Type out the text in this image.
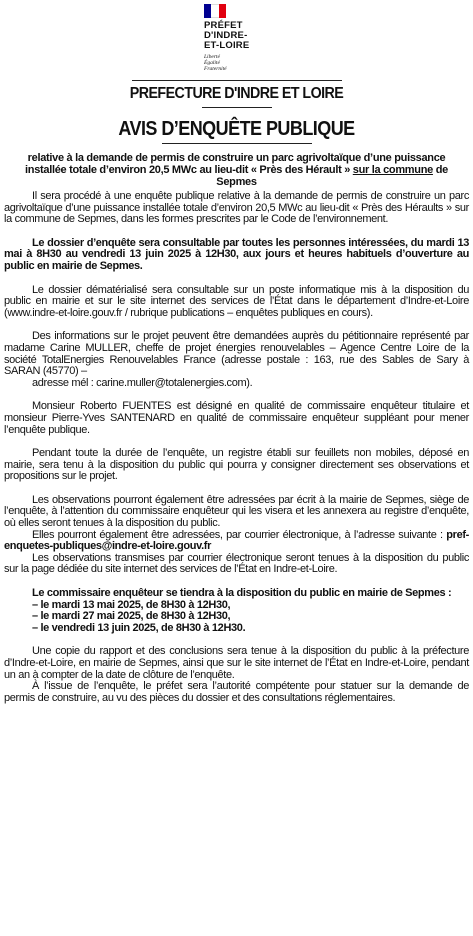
PRÉFET
D'INDRE-
ET-LOIRE
Liberté
Égalité
Fraternité
PREFECTURE D'INDRE ET LOIRE
AVIS D’ENQUÊTE PUBLIQUE
relative à la demande de permis de construire un parc agrivoltaïque d’une puissance installée totale d’environ 20,5 MWc au lieu-dit « Près des Hérault » sur la commune de Sepmes

Il sera procédé à une enquête publique relative à la demande de permis de construire un parc agrivoltaïque d’une puissance installée totale d’environ 20,5 MWc au lieu-dit « Près des Héraults » sur la commune de Sepmes, dans les formes prescrites par le Code de l’environnement.

Le dossier d’enquête sera consultable par toutes les personnes intéressées, du mardi 13 mai à 8H30 au vendredi 13 juin 2025 à 12H30, aux jours et heures habituels d’ouverture au public en mairie de Sepmes.

Le dossier dématérialisé sera consultable sur un poste informatique mis à la disposition du public en mairie et sur le site internet des services de l’État dans le département d’Indre-et-Loire (www.indre-et-loire.gouv.fr / rubrique publications – enquêtes publiques en cours).

Des informations sur le projet peuvent être demandées auprès du pétitionnaire représenté par madame Carine MULLER, cheffe de projet énergies renouvelables – Agence Centre Loire de la société TotalEnergies Renouvelables France (adresse postale : 163, rue des Sables de Sary à SARAN (45770) –

adresse mél : carine.muller@totalenergies.com).

Monsieur Roberto FUENTES est désigné en qualité de commissaire enquêteur titulaire et monsieur Pierre-Yves SANTENARD en qualité de commissaire enquêteur suppléant pour mener l’enquête publique.

Pendant toute la durée de l’enquête, un registre établi sur feuillets non mobiles, déposé en mairie, sera tenu à la disposition du public qui pourra y consigner directement ses observations et propositions sur le projet.

Les observations pourront également être adressées par écrit à la mairie de Sepmes, siège de l’enquête, à l’attention du commissaire enquêteur qui les visera et les annexera au registre d’enquête, où elles seront tenues à la disposition du public.

Elles pourront également être adressées, par courrier électronique, à l’adresse suivante : pref-enquetes-publiques@indre-et-loire.gouv.fr

Les observations transmises par courrier électronique seront tenues à la disposition du public sur la page dédiée du site internet des services de l’État en Indre-et-Loire.

Le commissaire enquêteur se tiendra à la disposition du public en mairie de Sepmes :

– le mardi 13 mai 2025, de 8H30 à 12H30,
– le mardi 27 mai 2025, de 8H30 à 12H30,
– le vendredi 13 juin 2025, de 8H30 à 12H30.

Une copie du rapport et des conclusions sera tenue à la disposition du public à la préfecture d’Indre-et-Loire, en mairie de Sepmes, ainsi que sur le site internet de l’État en Indre-et-Loire, pendant un an à compter de la date de clôture de l’enquête.

À l’issue de l’enquête, le préfet sera l’autorité compétente pour statuer sur la demande de permis de construire, au vu des pièces du dossier et des consultations réglementaires.
